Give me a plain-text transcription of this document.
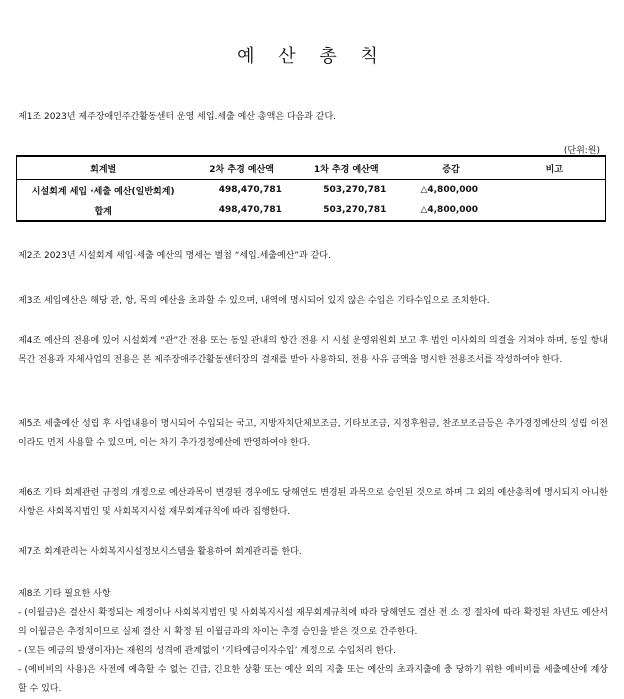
예 산 총 칙
제1조 2023년 제주장애인주간활동센터 운영 세입.세출 예산 총액은 다음과 같다.
(단위:원)
회계별	2차 추경 예산액	1차 추경 예산액	증감	비고
시설회계 세입 ·세출 예산(일반회계)	498,470,781	503,270,781	△4,800,000	
합계	498,470,781	503,270,781	△4,800,000	
제2조 2023년 시설회계 세입·세출 예산의 명세는 별첨 “세입.세출예산”과 같다.
제3조 세입예산은 해당 관, 항, 목의 예산을 초과할 수 있으며, 내역에 명시되어 있지 않은 수입은 기타수입으로 조치한다.
제4조 예산의 전용에 있어 시설회계 “관”간 전용 또는 동일 관내의 항간 전용 시 시설 운영위원회 보고 후 법인 이사회의 의결을 거쳐야 하며, 동일 항내 목간 전용과 자체사업의 전용은 본 제주장애주간활동센터장의 결재를 받아 사용하되, 전용 사유 금액을 명시한 전용조서를 작성하여야 한다.
제5조 세출예산 성립 후 사업내용이 명시되어 수입되는 국고, 지방자치단체보조금, 기타보조금, 지정후원금, 찬조보조금등은 추가경정예산의 성립 이전이라도 먼저 사용할 수 있으며, 이는 차기 추가경정예산에 반영하여야 한다.
제6조 기타 회계관련 규정의 개정으로 예산과목이 변경된 경우에도 당해연도 변경된 과목으로 승인된 것으로 하며 그 외의 예산총칙에 명시되지 아니한 사항은 사회복지법인 및 사회복지시설 재무회계규칙에 따라 집행한다.
제7조 회계관리는 사회복지시설정보시스템을 활용하여 회계관리를 한다.
제8조 기타 필요한 사항
- (이월금)은 결산시 확정되는 계정이나 사회복지법인 및 사회복지시설 재무회계규칙에 따라 당해연도 결산 전 소 정 절차에 따라 확정된 차년도 예산서의 이월금은 추정치이므로 실제 결산 시 확정 된 이월금과의 차이는 추경 승인을 받은 것으로 간주한다.
- (모든 예금의 발생이자)는 재원의 성격에 관계없이 ‘기타예금이자수입’ 계정으로 수입처리 한다.
- (예비비의 사용)은 사전에 예측할 수 없는 긴급, 긴요한 상황 또는 예산 외의 지출 또는 예산의 초과지출에 충 당하기 위한 예비비를 세출예산에 계상 할 수 있다.
